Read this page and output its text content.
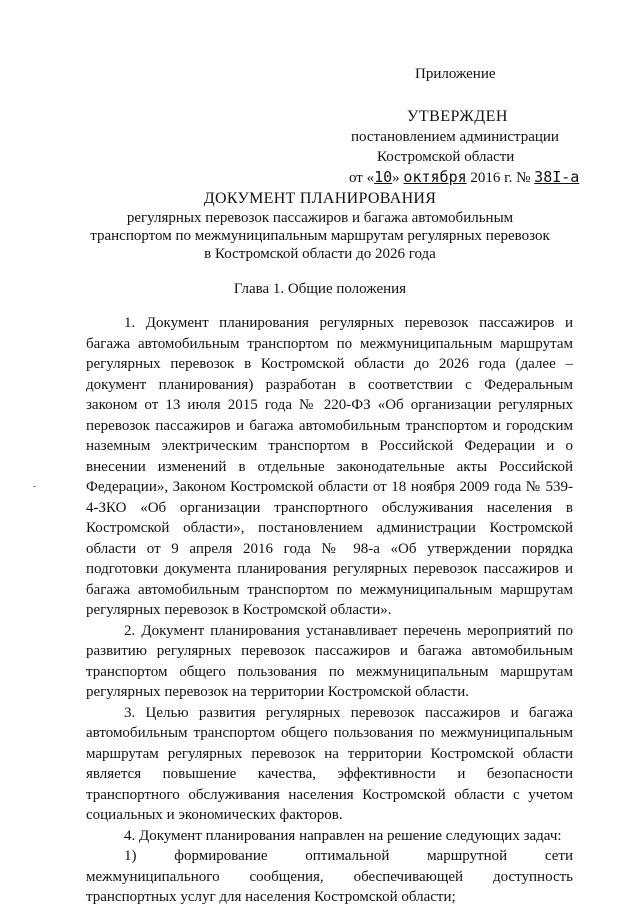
Приложение
УТВЕРЖДЕН
постановлением администрации
Костромской области
от «10» октября 2016 г. № 38I-а
ДОКУМЕНТ ПЛАНИРОВАНИЯ
регулярных перевозок пассажиров и багажа автомобильным
транспортом по межмуниципальным маршрутам регулярных перевозок
в Костромской области до 2026 года
Глава 1. Общие положения

1. Документ планирования регулярных перевозок пассажиров и багажа автомобильным транспортом по межмуниципальным маршрутам регулярных перевозок в Костромской области до 2026 года (далее – документ планирования) разработан в соответствии с Федеральным законом от 13 июля 2015 года № 220-ФЗ «Об организации регулярных перевозок пассажиров и багажа автомобильным транспортом и городским наземным электрическим транспортом в Российской Федерации и о внесении изменений в отдельные законодательные акты Российской Федерации», Законом Костромской области от 18 ноября 2009 года № 539-4-ЗКО «Об организации транспортного обслуживания населения в Костромской области», постановлением администрации Костромской области от 9 апреля 2016 года № 98-а «Об утверждении порядка подготовки документа планирования регулярных перевозок пассажиров и багажа автомобильным транспортом по межмуниципальным маршрутам регулярных перевозок в Костромской области».

2. Документ планирования устанавливает перечень мероприятий по развитию регулярных перевозок пассажиров и багажа автомобильным транспортом общего пользования по межмуниципальным маршрутам регулярных перевозок на территории Костромской области.

3. Целью развития регулярных перевозок пассажиров и багажа автомобильным транспортом общего пользования по межмуниципальным маршрутам регулярных перевозок на территории Костромской области является повышение качества, эффективности и безопасности транспортного обслуживания населения Костромской области с учетом социальных и экономических факторов.

4. Документ планирования направлен на решение следующих задач:

1) формирование оптимальной маршрутной сети межмуниципального сообщения, обеспечивающей доступность транспортных услуг для населения Костромской области;
